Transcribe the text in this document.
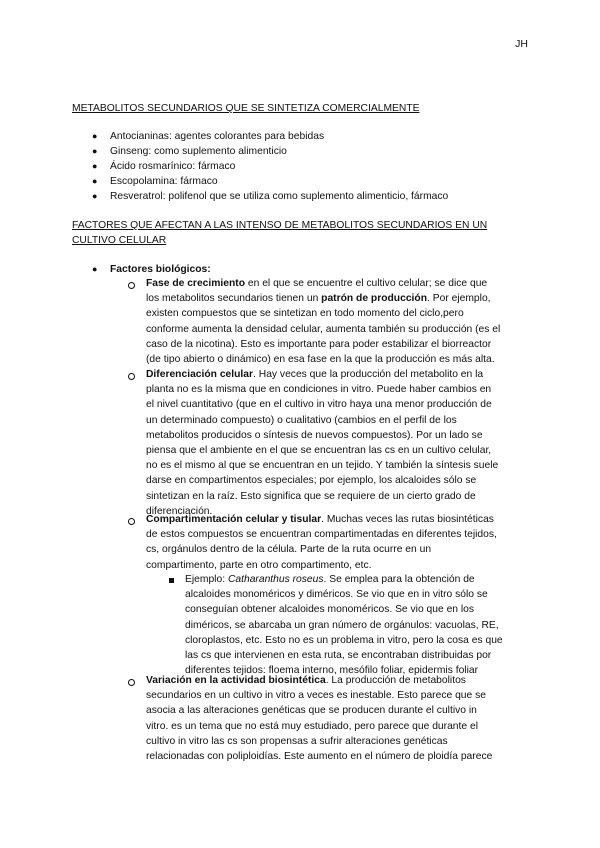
JH
METABOLITOS SECUNDARIOS QUE SE SINTETIZA COMERCIALMENTE
● Antocianinas: agentes colorantes para bebidas
● Ginseng: como suplemento alimenticio
● Ácido rosmarínico: fármaco
● Escopolamina: fármaco
● Resveratrol: polifenol que se utiliza como suplemento alimenticio, fármaco
FACTORES QUE AFECTAN A LAS INTENSO DE METABOLITOS SECUNDARIOS EN UN
CULTIVO CELULAR
● Factores biológicos:
Fase de crecimiento en el que se encuentre el cultivo celular; se dice que
los metabolitos secundarios tienen un patrón de producción. Por ejemplo,
existen compuestos que se sintetizan en todo momento del ciclo,pero
conforme aumenta la densidad celular, aumenta también su producción (es el
caso de la nicotina). Esto es importante para poder estabilizar el biorreactor
(de tipo abierto o dinámico) en esa fase en la que la producción es más alta.
Diferenciación celular. Hay veces que la producción del metabolito en la
planta no es la misma que en condiciones in vitro. Puede haber cambios en
el nivel cuantitativo (que en el cultivo in vitro haya una menor producción de
un determinado compuesto) o cualitativo (cambios en el perfil de los
metabolitos producidos o síntesis de nuevos compuestos). Por un lado se
piensa que el ambiente en el que se encuentran las cs en un cultivo celular,
no es el mismo al que se encuentran en un tejido. Y también la síntesis suele
darse en compartimentos especiales; por ejemplo, los alcaloides sólo se
sintetizan en la raíz. Esto significa que se requiere de un cierto grado de
diferenciación.
Compartimentación celular y tisular. Muchas veces las rutas biosintéticas
de estos compuestos se encuentran compartimentadas en diferentes tejidos,
cs, orgánulos dentro de la célula. Parte de la ruta ocurre en un
compartimento, parte en otro compartimento, etc.
Ejemplo: Catharanthus roseus. Se emplea para la obtención de
alcaloides monoméricos y diméricos. Se vio que en in vitro sólo se
conseguían obtener alcaloides monoméricos. Se vio que en los
diméricos, se abarcaba un gran número de orgánulos: vacuolas, RE,
cloroplastos, etc. Esto no es un problema in vitro, pero la cosa es que
las cs que intervienen en esta ruta, se encontraban distribuidas por
diferentes tejidos: floema interno, mesófilo foliar, epidermis foliar
Variación en la actividad biosintética. La producción de metabolitos
secundarios en un cultivo in vitro a veces es inestable. Esto parece que se
asocia a las alteraciones genéticas que se producen durante el cultivo in
vitro. es un tema que no está muy estudiado, pero parece que durante el
cultivo in vitro las cs son propensas a sufrir alteraciones genéticas
relacionadas con poliploidías. Este aumento en el número de ploidía parece
